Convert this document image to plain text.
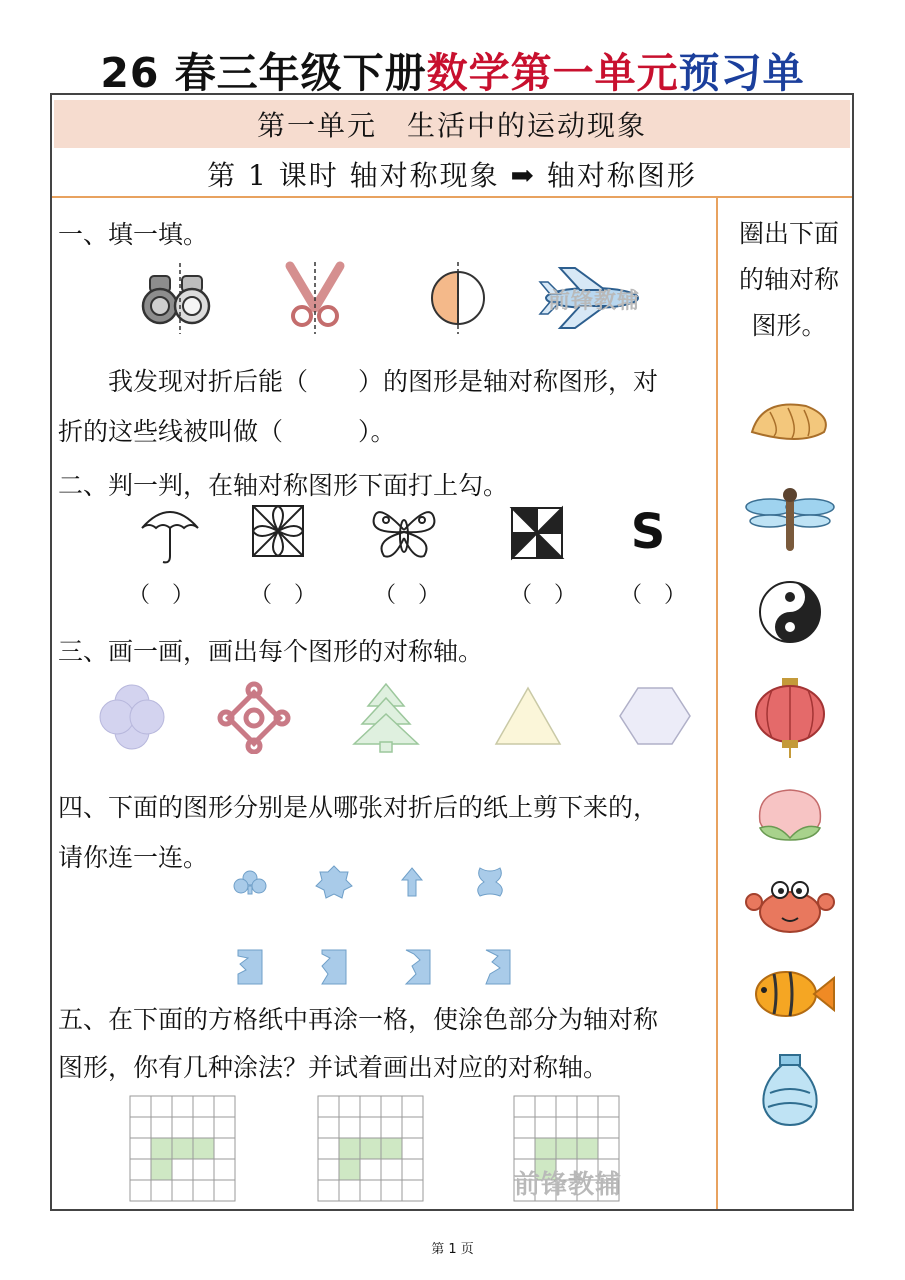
26 春三年级下册数学第一单元预习单
第一单元　生活中的运动现象
第 1 课时 轴对称现象 ➡ 轴对称图形
一、填一填。
前锋教辅
我发现对折后能（　　）的图形是轴对称图形，对
折的这些线被叫做（　　　）。
二、判一判，在轴对称图形下面打上勾。
S
（　）	（　）	（　）	（　） （　）
三、画一画，画出每个图形的对称轴。
四、下面的图形分别是从哪张对折后的纸上剪下来的，
请你连一连。
五、在下面的方格纸中再涂一格，使涂色部分为轴对称
图形，你有几种涂法？并试着画出对应的对称轴。
前锋教辅
圈出下面
的轴对称
图形。
第 1 页
